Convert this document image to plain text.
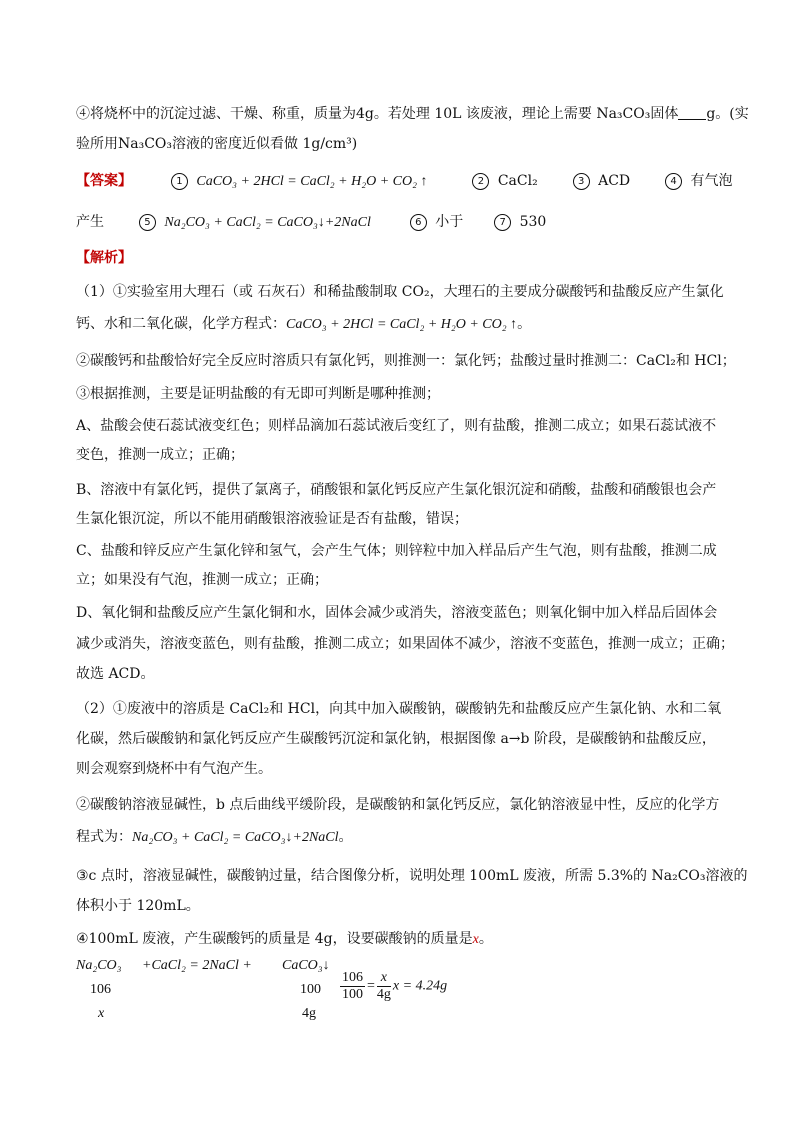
④将烧杯中的沉淀过滤、干燥、称重，质量为4g。若处理 10L 该废液，理论上需要 Na₃CO₃固体 g。(实
验所用Na₃CO₃溶液的密度近似看做 1g/cm³)
【答案】	1 CaCO₃ + 2HCl = CaCl₂ + H₂O + CO₂ ↑	2 CaCl₂	3 ACD	4 有气泡
产生	5 Na₂CO₃ + CaCl₂ = CaCO₃↓+2NaCl	6 小于	7 530
【解析】
（1）①实验室用大理石（或 石灰石）和稀盐酸制取 CO₂，大理石的主要成分碳酸钙和盐酸反应产生氯化
钙、水和二氧化碳，化学方程式：CaCO₃ + 2HCl = CaCl₂ + H₂O + CO₂ ↑。
②碳酸钙和盐酸恰好完全反应时溶质只有氯化钙，则推测一：氯化钙；盐酸过量时推测二：CaCl₂和 HCl；
③根据推测，主要是证明盐酸的有无即可判断是哪种推测；
A、盐酸会使石蕊试液变红色；则样品滴加石蕊试液后变红了，则有盐酸，推测二成立；如果石蕊试液不
变色，推测一成立；正确；
B、溶液中有氯化钙，提供了氯离子，硝酸银和氯化钙反应产生氯化银沉淀和硝酸，盐酸和硝酸银也会产
生氯化银沉淀，所以不能用硝酸银溶液验证是否有盐酸，错误；
C、盐酸和锌反应产生氯化锌和氢气，会产生气体；则锌粒中加入样品后产生气泡，则有盐酸，推测二成
立；如果没有气泡，推测一成立；正确；
D、氧化铜和盐酸反应产生氯化铜和水，固体会减少或消失，溶液变蓝色；则氧化铜中加入样品后固体会
减少或消失，溶液变蓝色，则有盐酸，推测二成立；如果固体不减少，溶液不变蓝色，推测一成立；正确；
故选 ACD。
（2）①废液中的溶质是 CaCl₂和 HCl，向其中加入碳酸钠，碳酸钠先和盐酸反应产生氯化钠、水和二氧
化碳，然后碳酸钠和氯化钙反应产生碳酸钙沉淀和氯化钠，根据图像 a→b 阶段，是碳酸钠和盐酸反应，
则会观察到烧杯中有气泡产生。
②碳酸钠溶液显碱性，b 点后曲线平缓阶段，是碳酸钠和氯化钙反应，氯化钠溶液显中性，反应的化学方
程式为：Na₂CO₃ + CaCl₂ = CaCO₃↓+2NaCl。
③c 点时，溶液显碱性，碳酸钠过量，结合图像分析，说明处理 100mL 废液，所需 5.3%的 Na₂CO₃溶液的
体积小于 120mL。
④100mL 废液，产生碳酸钙的质量是 4g，设要碳酸钠的质量是x。
Na₂CO₃ +CaCl₂ = 2NaCl + CaCO₃↓
106	100
x	4g
$\frac{106}{100} = \frac{x}{4g}$ x = 4.24g
